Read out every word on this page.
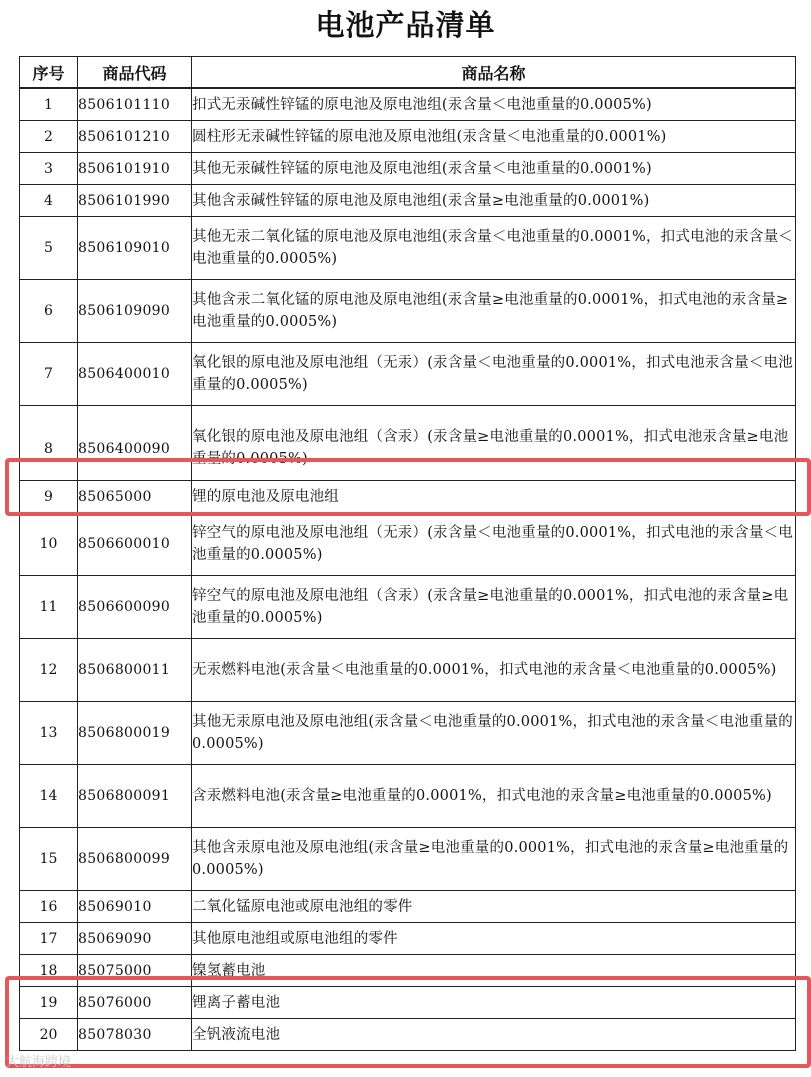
电池产品清单
序号	商品代码	商品名称
1	8506101110	扣式无汞碱性锌锰的原电池及原电池组(汞含量＜电池重量的0.0005%)
2	8506101210	圆柱形无汞碱性锌锰的原电池及原电池组(汞含量＜电池重量的0.0001%)
3	8506101910	其他无汞碱性锌锰的原电池及原电池组(汞含量＜电池重量的0.0001%)
4	8506101990	其他含汞碱性锌锰的原电池及原电池组(汞含量≥电池重量的0.0001%)
5	8506109010	其他无汞二氧化锰的原电池及原电池组(汞含量＜电池重量的0.0001%，扣式电池的汞含量＜电池重量的0.0005%)
6	8506109090	其他含汞二氧化锰的原电池及原电池组(汞含量≥电池重量的0.0001%，扣式电池的汞含量≥电池重量的0.0005%)
7	8506400010	氧化银的原电池及原电池组（无汞）(汞含量＜电池重量的0.0001%，扣式电池汞含量＜电池重量的0.0005%)
8	8506400090	氧化银的原电池及原电池组（含汞）(汞含量≥电池重量的0.0001%，扣式电池汞含量≥电池重量的0.0005%)

9	85065000	锂的原电池及原电池组
10	8506600010	锌空气的原电池及原电池组（无汞）(汞含量＜电池重量的0.0001%，扣式电池的汞含量＜电池重量的0.0005%)
11	8506600090	锌空气的原电池及原电池组（含汞）(汞含量≥电池重量的0.0001%，扣式电池的汞含量≥电池重量的0.0005%)
12	8506800011	无汞燃料电池(汞含量＜电池重量的0.0001%，扣式电池的汞含量＜电池重量的0.0005%)
13	8506800019	其他无汞原电池及原电池组(汞含量＜电池重量的0.0001%，扣式电池的汞含量＜电池重量的0.0005%)
14	8506800091	含汞燃料电池(汞含量≥电池重量的0.0001%，扣式电池的汞含量≥电池重量的0.0005%)
15	8506800099	其他含汞原电池及原电池组(汞含量≥电池重量的0.0001%，扣式电池的汞含量≥电池重量的0.0005%)
16	85069010	二氧化锰原电池或原电池组的零件
17	85069090	其他原电池组或原电池组的零件
18	85075000	镍氢蓄电池
19	85076000	锂离子蓄电池
20	85078030	全钒液流电池
大航海跨境
